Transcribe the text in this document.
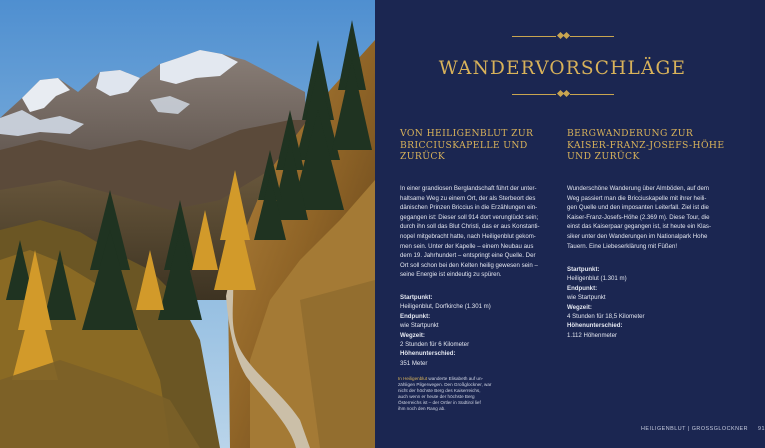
WANDERVORSCHLÄGE
VON HEILIGENBLUT ZUR
BRICCIUSKAPELLE UND
ZURÜCK
In einer grandiosen Berglandschaft führt der unter-
haltsame Weg zu einem Ort, der als Sterbeort des
dänischen Prinzen Briccius in die Erzählungen ein-
gegangen ist: Dieser soll 914 dort verunglückt sein;
durch ihn soll das Blut Christi, das er aus Konstanti-
nopel mitgebracht hatte, nach Heiligenblut gekom-
men sein. Unter der Kapelle – einem Neubau aus
dem 19. Jahrhundert – entspringt eine Quelle. Der
Ort soll schon bei den Kelten heilig gewesen sein –
seine Energie ist eindeutig zu spüren.
Startpunkt:
Heiligenblut, Dorfkirche (1.301 m)
Endpunkt:
wie Startpunkt
Wegzeit:
2 Stunden für 6 Kilometer
Höhenunterschied:
351 Meter
BERGWANDERUNG ZUR
KAISER-FRANZ-JOSEFS-HÖHE
UND ZURÜCK
Wunderschöne Wanderung über Almböden, auf dem
Weg passiert man die Bricciuskapelle mit ihrer heili-
gen Quelle und den imposanten Leiterfall. Ziel ist die
Kaiser-Franz-Josefs-Höhe (2.369 m). Diese Tour, die
einst das Kaiserpaar gegangen ist, ist heute ein Klas-
siker unter den Wanderungen im Nationalpark Hohe
Tauern. Eine Liebeserklärung mit Füßen!
Startpunkt:
Heiligenblut (1.301 m)
Endpunkt:
wie Startpunkt
Wegzeit:
4 Stunden für 18,5 Kilometer
Höhenunterschied:
1.112 Höhenmeter
HEILIGENBLUT | GROSSGLOCKNER 91
In Heiligenblut wanderte Elisabeth auf un-
zähligen Pilgerwegen. Den Großglockner, war
nicht der höchste Berg des Kaiserreichs,
auch wenn er heute der höchste Berg
Österreichs ist – der Ortler in Südtirol lief
ihm noch den Rang ab.
